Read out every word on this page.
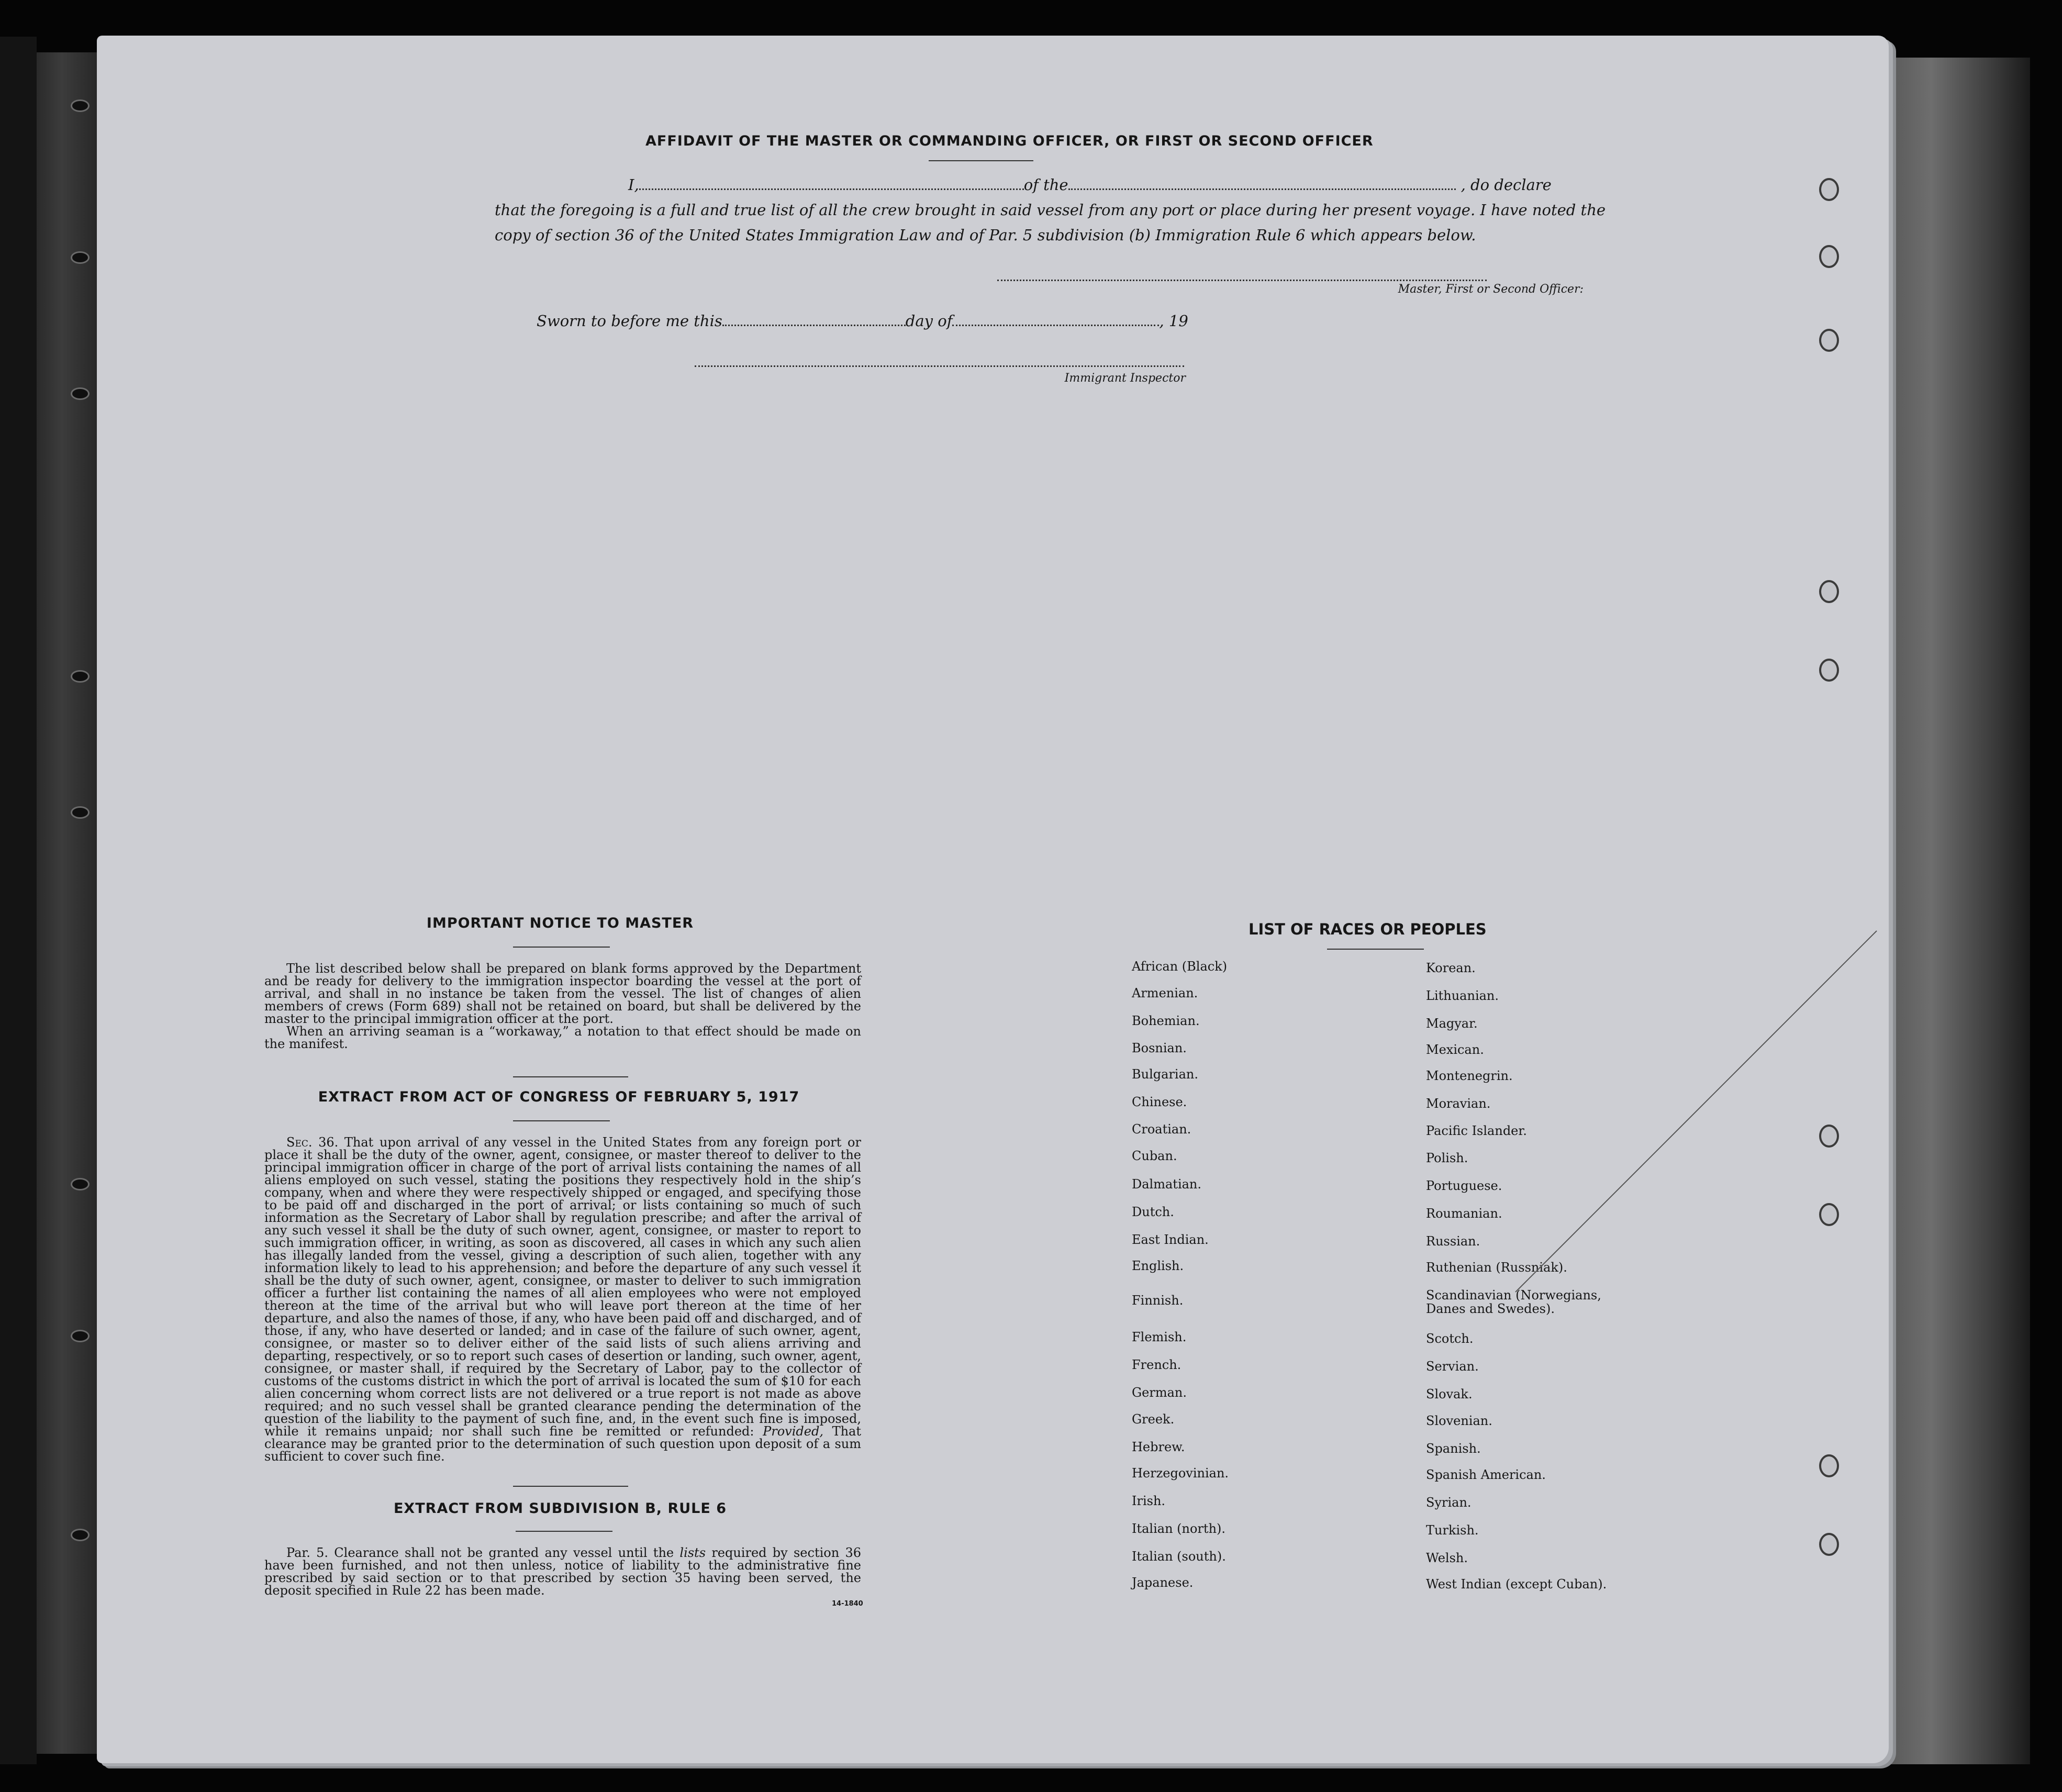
AFFIDAVIT OF THE MASTER OR COMMANDING OFFICER, OR FIRST OR SECOND OFFICER
I,	of the	, do declare
that the foregoing is a full and true list of all the crew brought in said vessel from any port or place during her present voyage. I have noted the
copy of section 36 of the United States Immigration Law and of Par. 5 subdivision (b) Immigration Rule 6 which appears below.
Master, First or Second Officer:
Sworn to before me this	day of	, 19
Immigrant Inspector
IMPORTANT NOTICE TO MASTER

The list described below shall be prepared on blank forms approved by the Department and be ready for delivery to the immigration inspector boarding the vessel at the port of arrival, and shall in no instance be taken from the vessel. The list of changes of alien members of crews (Form 689) shall not be retained on board, but shall be delivered by the master to the principal immigration officer at the port.

When an arriving seaman is a “workaway,” a notation to that effect should be made on the manifest.

EXTRACT FROM ACT OF CONGRESS OF FEBRUARY 5, 1917

Sec. 36. That upon arrival of any vessel in the United States from any foreign port or place it shall be the duty of the owner, agent, consignee, or master thereof to deliver to the principal immigration officer in charge of the port of arrival lists containing the names of all aliens employed on such vessel, stating the positions they respectively hold in the ship’s company, when and where they were respectively shipped or engaged, and specifying those to be paid off and discharged in the port of arrival; or lists containing so much of such information as the Secretary of Labor shall by regulation prescribe; and after the arrival of any such vessel it shall be the duty of such owner, agent, consignee, or master to report to such immigration officer, in writing, as soon as discovered, all cases in which any such alien has illegally landed from the vessel, giving a description of such alien, together with any information likely to lead to his apprehension; and before the departure of any such vessel it shall be the duty of such owner, agent, consignee, or master to deliver to such immigration officer a further list containing the names of all alien employees who were not employed thereon at the time of the arrival but who will leave port thereon at the time of her departure, and also the names of those, if any, who have been paid off and discharged, and of those, if any, who have deserted or landed; and in case of the failure of such owner, agent, consignee, or master so to deliver either of the said lists of such aliens arriving and departing, respectively, or so to report such cases of desertion or landing, such owner, agent, consignee, or master shall, if required by the Secretary of Labor, pay to the collector of customs of the customs district in which the port of arrival is located the sum of $10 for each alien concerning whom correct lists are not delivered or a true report is not made as above required; and no such vessel shall be granted clearance pending the determination of the question of the liability to the payment of such fine, and, in the event such fine is imposed, while it remains unpaid; nor shall such fine be remitted or refunded: Provided, That clearance may be granted prior to the determination of such question upon deposit of a sum sufficient to cover such fine.

EXTRACT FROM SUBDIVISION B, RULE 6

Par. 5. Clearance shall not be granted any vessel until the lists required by section 36 have been furnished, and not then unless, notice of liability to the administrative fine prescribed by said section or to that prescribed by section 35 having been served, the deposit specified in Rule 22 has been made.

14-1840
LIST OF RACES OR PEOPLES
African (Black)
Armenian.
Bohemian.
Bosnian.
Bulgarian.
Chinese.
Croatian.
Cuban.
Dalmatian.
Dutch.
East Indian.
English.
Finnish.
Flemish.
French.
German.
Greek.
Hebrew.
Herzegovinian.
Irish.
Italian (north).
Italian (south).
Japanese.
Korean.
Lithuanian.
Magyar.
Mexican.
Montenegrin.
Moravian.
Pacific Islander.
Polish.
Portuguese.
Roumanian.
Russian.
Ruthenian (Russniak).
Scandinavian (Norwegians,
Danes and Swedes).
Scotch.
Servian.
Slovak.
Slovenian.
Spanish.
Spanish American.
Syrian.
Turkish.
Welsh.
West Indian (except Cuban).
